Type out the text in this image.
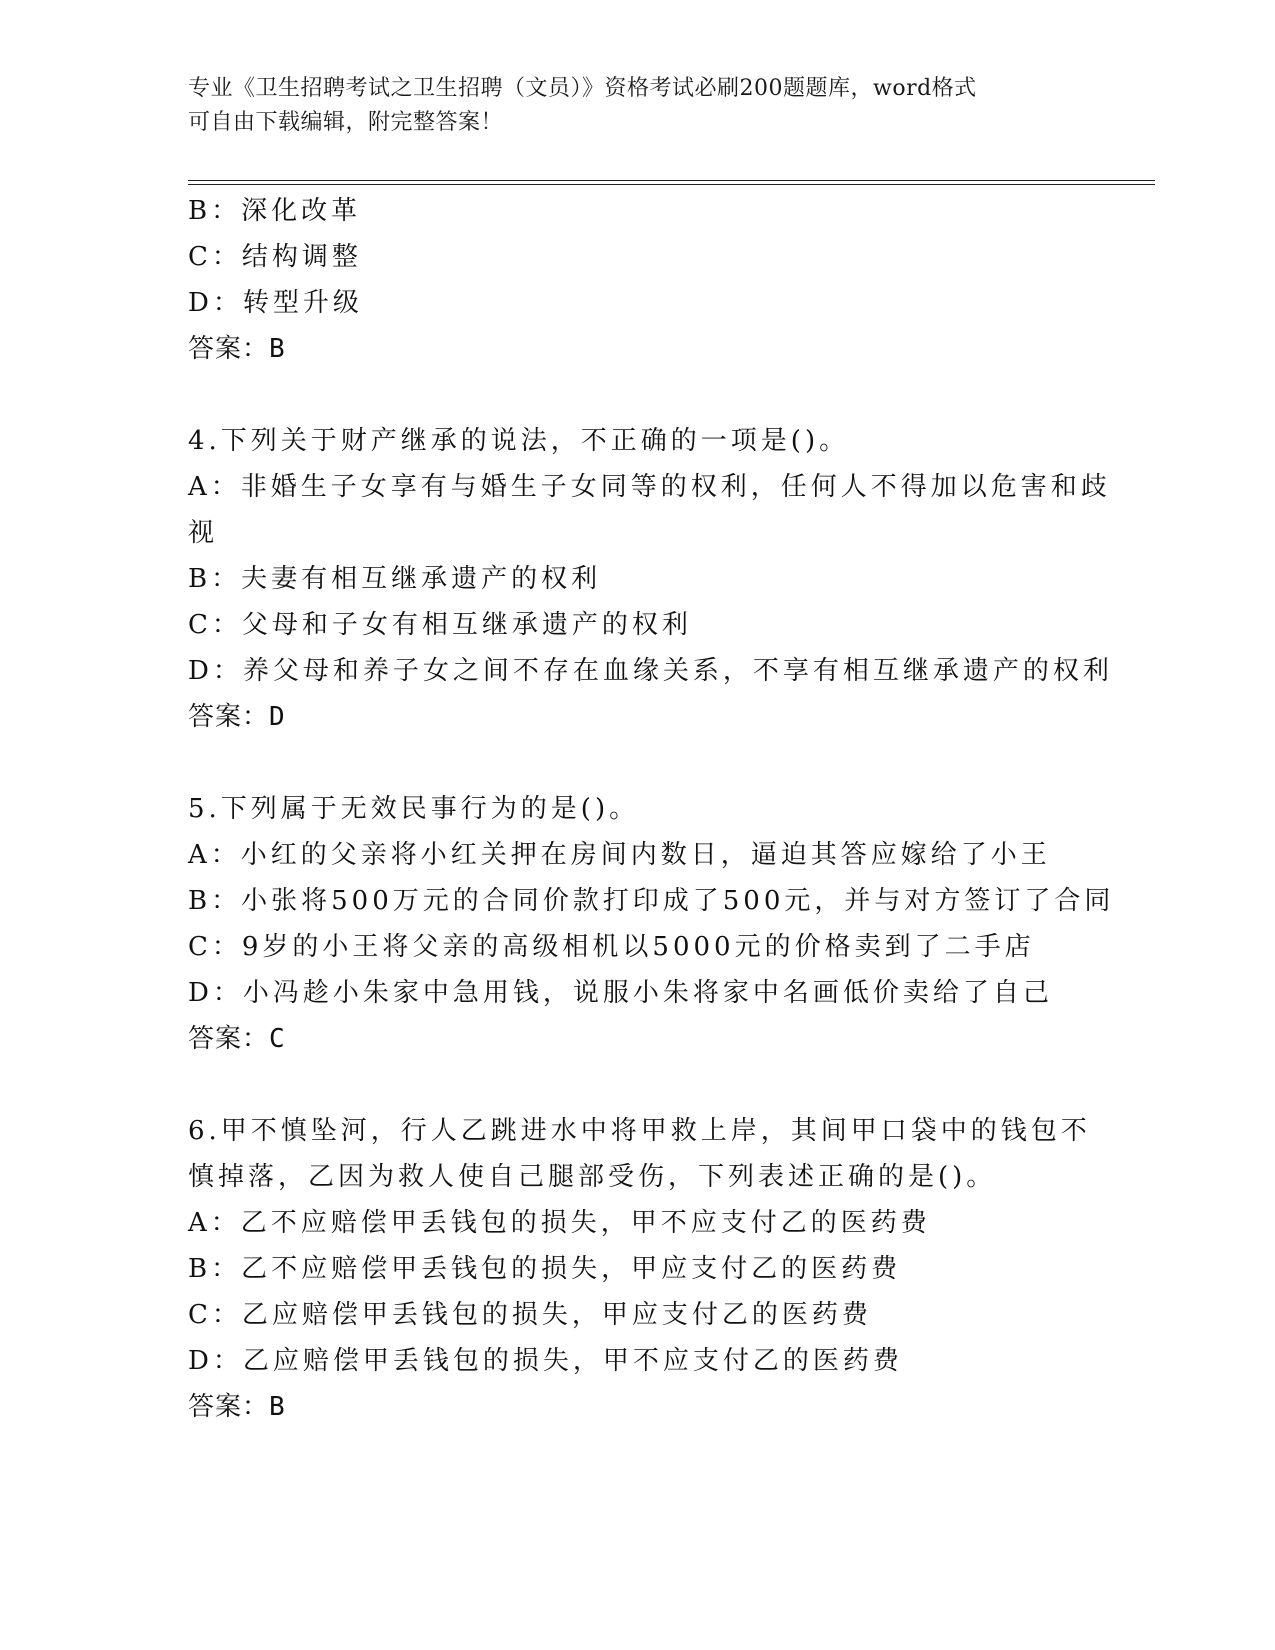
专业《卫生招聘考试之卫生招聘（文员）》资格考试必刷200题题库，word格式
可自由下载编辑，附完整答案！
B：深化改革
C：结构调整
D：转型升级
答案：B
4.下列关于财产继承的说法，不正确的一项是()。
A：非婚生子女享有与婚生子女同等的权利，任何人不得加以危害和歧
视
B：夫妻有相互继承遗产的权利
C：父母和子女有相互继承遗产的权利
D：养父母和养子女之间不存在血缘关系，不享有相互继承遗产的权利
答案：D
5.下列属于无效民事行为的是()。
A：小红的父亲将小红关押在房间内数日，逼迫其答应嫁给了小王
B：小张将500万元的合同价款打印成了500元，并与对方签订了合同
C：9岁的小王将父亲的高级相机以5000元的价格卖到了二手店
D：小冯趁小朱家中急用钱，说服小朱将家中名画低价卖给了自己
答案：C
6.甲不慎坠河，行人乙跳进水中将甲救上岸，其间甲口袋中的钱包不
慎掉落，乙因为救人使自己腿部受伤，下列表述正确的是()。
A：乙不应赔偿甲丢钱包的损失，甲不应支付乙的医药费
B：乙不应赔偿甲丢钱包的损失，甲应支付乙的医药费
C：乙应赔偿甲丢钱包的损失，甲应支付乙的医药费
D：乙应赔偿甲丢钱包的损失，甲不应支付乙的医药费
答案：B
